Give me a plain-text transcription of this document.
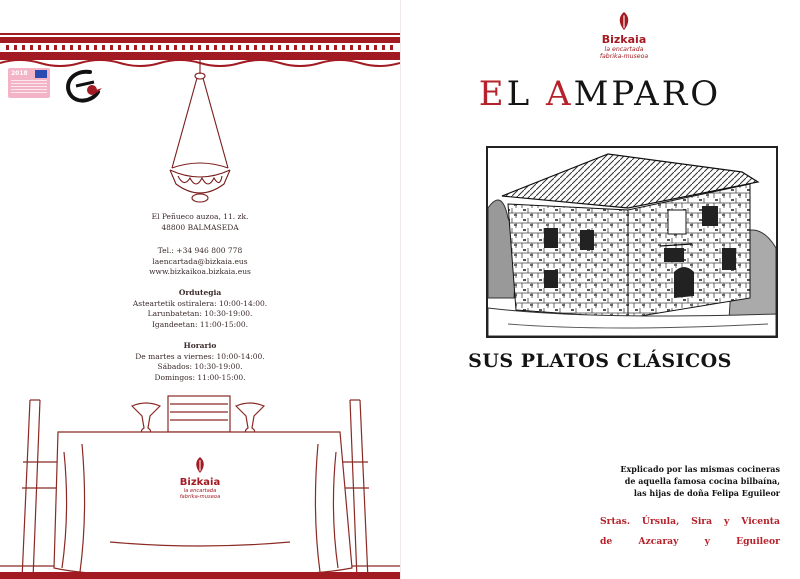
2018
El Peñueco auzoa, 11. zk.
48800 BALMASEDA
Tel.: +34 946 800 778
laencartada@bizkaia.eus
www.bizkaikoa.bizkaia.eus
Ordutegia
Asteartetik ostiralera: 10:00-14:00.
Larunbatetan: 10:30-19:00.
Igandeetan: 11:00-15:00.
Horario
De martes a viernes: 10:00-14:00.
Sábados: 10:30-19:00.
Domingos: 11:00-15:00.
Bizkaia
la encartada
fabrika-museoa
Bizkaia
la encartada
fabrika-museoa
EL AMPARO
SUS PLATOS CLÁSICOS
Explicado por las mismas cocineras
de aquella famosa cocina bilbaína,
las hijas de doña Felipa Eguileor
Srtas. Úrsula, Sira y Vicenta
de Azcaray y Eguileor
